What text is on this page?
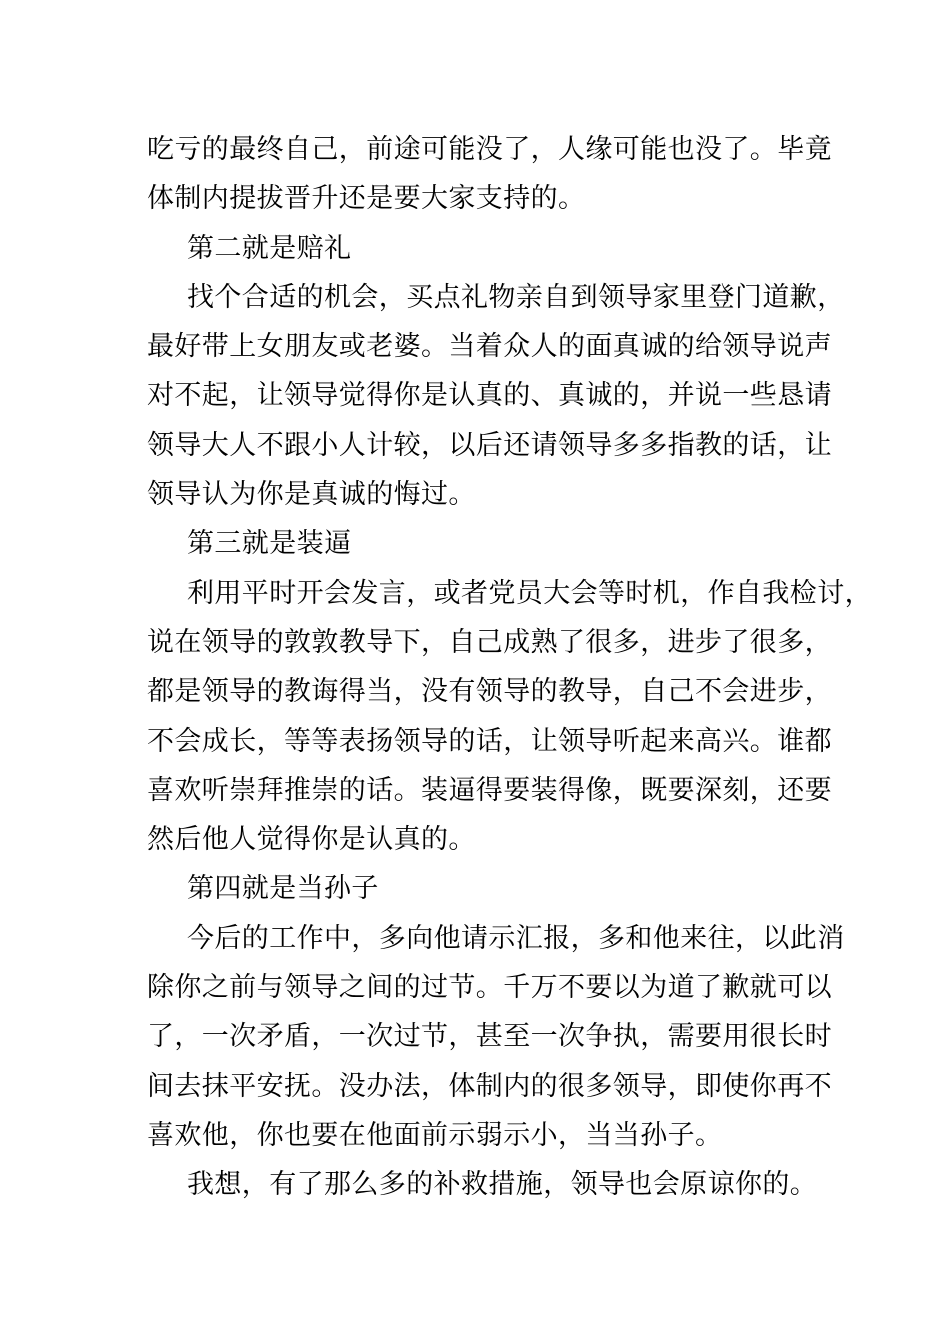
吃亏的最终自己，前途可能没了，人缘可能也没了。毕竟
体制内提拔晋升还是要大家支持的。
第二就是赔礼
找个合适的机会，买点礼物亲自到领导家里登门道歉，
最好带上女朋友或老婆。当着众人的面真诚的给领导说声
对不起，让领导觉得你是认真的、真诚的，并说一些恳请
领导大人不跟小人计较，以后还请领导多多指教的话，让
领导认为你是真诚的悔过。
第三就是装逼
利用平时开会发言，或者党员大会等时机，作自我检讨，
说在领导的敦敦教导下，自己成熟了很多，进步了很多，
都是领导的教诲得当，没有领导的教导，自己不会进步，
不会成长，等等表扬领导的话，让领导听起来高兴。谁都
喜欢听崇拜推崇的话。装逼得要装得像，既要深刻，还要
然后他人觉得你是认真的。
第四就是当孙子
今后的工作中，多向他请示汇报，多和他来往，以此消
除你之前与领导之间的过节。千万不要以为道了歉就可以
了，一次矛盾，一次过节，甚至一次争执，需要用很长时
间去抹平安抚。没办法，体制内的很多领导，即使你再不
喜欢他，你也要在他面前示弱示小，当当孙子。
我想，有了那么多的补救措施，领导也会原谅你的。
